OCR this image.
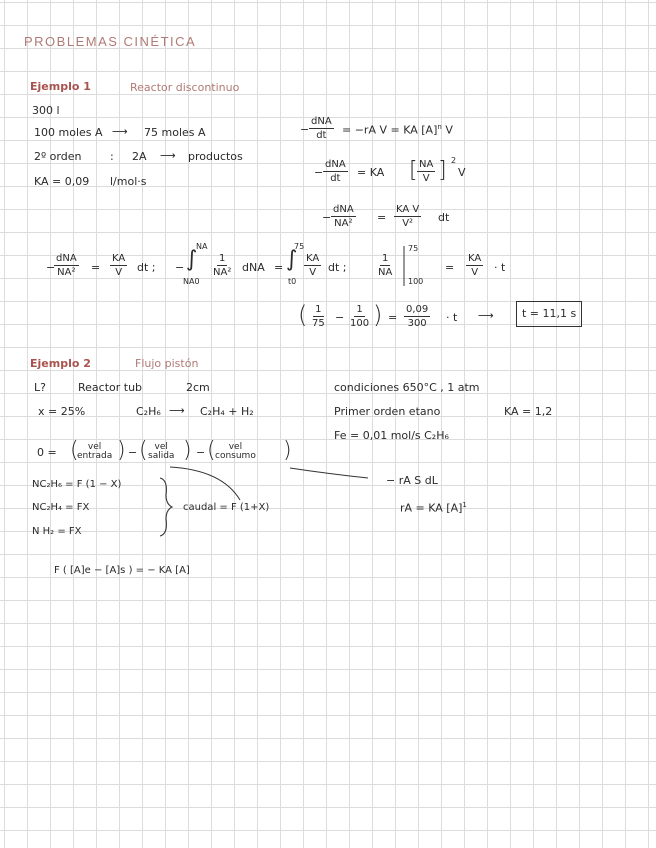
PROBLEMAS CINÉTICA
Ejemplo 1	Reactor discontinuo
300 l
100 moles A ⟶ 75 moles A
2º orden	: 2A ⟶ productos
KA = 0,09 l/mol·s
−
dNA
dt = −rA V = KA $[A]^n$ V
−
dNA
dt = KA [ $\frac{NA}{V}$ ] 2
V
−
dNA
$NA^2 = \frac{\text{KA V}}{\text{V²}}$ dt
−
dNA
$NA^2 = \frac{KA}{V}$ dt ; −
NA
∫
NA0
$\frac{1}{\text{NA²}}$ dNA =
75
∫
t0
$\frac{KA}{V}$ dt ;	$\frac{1}{NA}$
75
100
= $\frac{KA}{V} \cdot t$
( $\frac{1}{75} - \frac{1}{100}$ ) = $\frac{0,09}{300} \cdot t$ ⟶	t = 11,1 s
Ejemplo 2	Flujo pistón
L?	Reactor tub	2cm
x = 25%	C₂H₆ ⟶ C₂H₄ + H₂
condiciones 650°C , 1 atm
Primer orden etano	KA = 1,2
Fe = 0,01 mol/s C₂H₆
0 = ( vel
entrada ) − ( vel
salida ) − ( vel
consumo )
− rA S dL
rA = KA $[A]^1$
NC₂H₆ = F (1 − X)
NC₂H₄ = FX
N H₂ = FX
caudal = F (1+X)
F ( [A]e − [A]s ) = − KA [A]
